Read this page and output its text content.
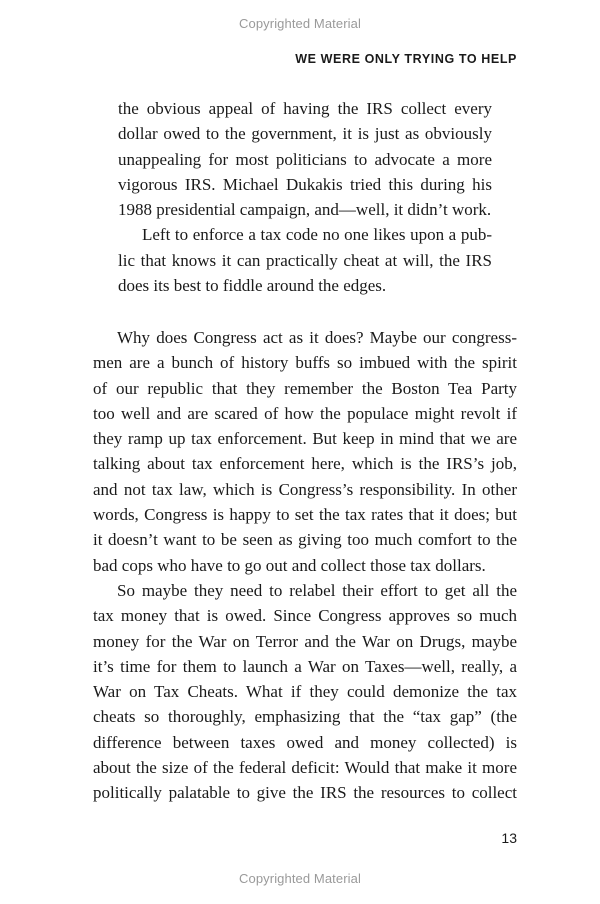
Copyrighted Material
WE WERE ONLY TRYING TO HELP
the obvious appeal of having the IRS collect every
dollar owed to the government, it is just as obviously
unappealing for most politicians to advocate a more
vigorous IRS. Michael Dukakis tried this during his
1988 presidential campaign, and—well, it didn’t work.
Left to enforce a tax code no one likes upon a pub-
lic that knows it can practically cheat at will, the IRS
does its best to fiddle around the edges.
Why does Congress act as it does? Maybe our congress-
men are a bunch of history buffs so imbued with the spirit
of our republic that they remember the Boston Tea Party
too well and are scared of how the populace might revolt if
they ramp up tax enforcement. But keep in mind that we are
talking about tax enforcement here, which is the IRS’s job,
and not tax law, which is Congress’s responsibility. In other
words, Congress is happy to set the tax rates that it does; but
it doesn’t want to be seen as giving too much comfort to the
bad cops who have to go out and collect those tax dollars.
So maybe they need to relabel their effort to get all the
tax money that is owed. Since Congress approves so much
money for the War on Terror and the War on Drugs, maybe
it’s time for them to launch a War on Taxes—well, really, a
War on Tax Cheats. What if they could demonize the tax
cheats so thoroughly, emphasizing that the “tax gap” (the
difference between taxes owed and money collected) is
about the size of the federal deficit: Would that make it more
politically palatable to give the IRS the resources to collect
13
Copyrighted Material
